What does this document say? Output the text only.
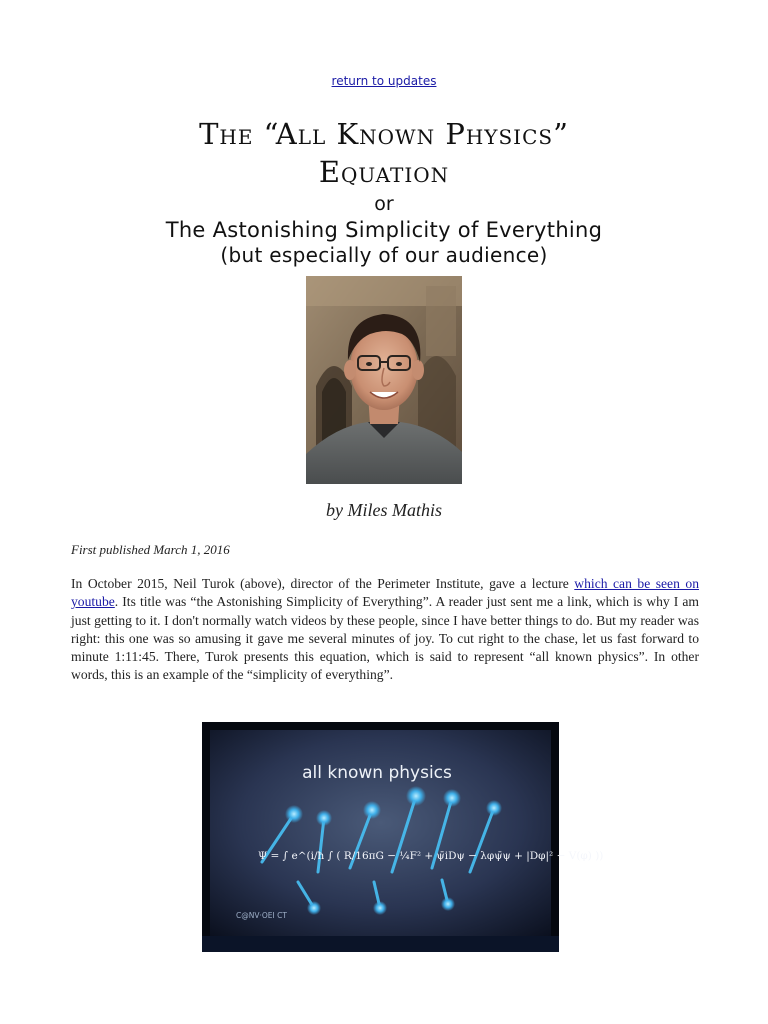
return to updates
The “All Known Physics”
Equation
or
The Astonishing Simplicity of Everything
(but especially of our audience)
by Miles Mathis
First published March 1, 2016

In October 2015, Neil Turok (above), director of the Perimeter Institute, gave a lecture which can be seen on youtube. Its title was “the Astonishing Simplicity of Everything”. A reader just sent me a link, which is why I am just getting to it. I don't normally watch videos by these people, since I have better things to do. But my reader was right: this one was so amusing it gave me several minutes of joy. To cut right to the chase, let us fast forward to minute 1:11:45. There, Turok presents this equation, which is said to represent “all known physics”. In other words, this is an example of the “simplicity of everything”.

all known physics
Ψ = ∫ e^(i/ħ ∫ ( R/16πG − ¼F² + ψ̄iDψ − λφψ̄ψ + |Dφ|² − V(φ) ))
C@NV·OEI CT
